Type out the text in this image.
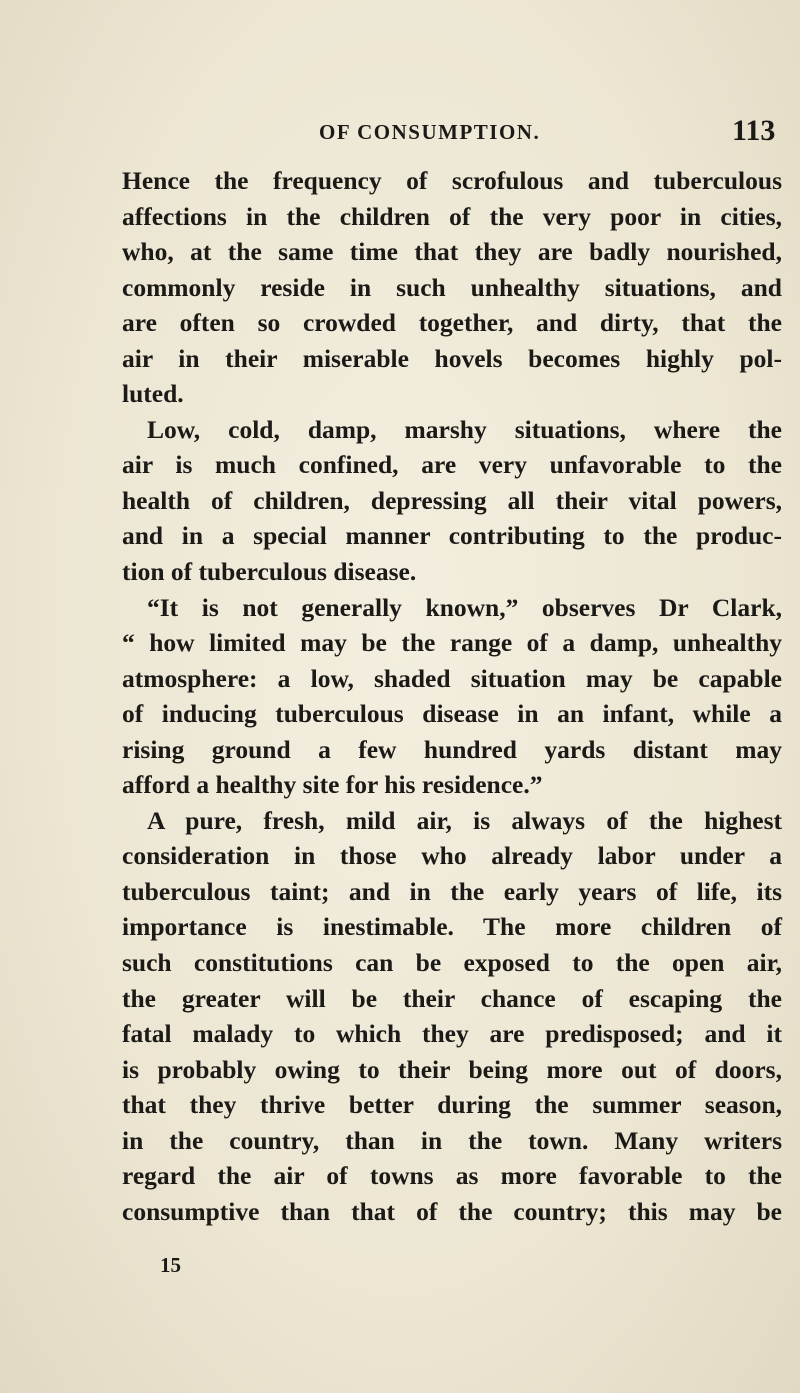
OF CONSUMPTION.	113
Hence the frequency of scrofulous and tuberculous
affections in the children of the very poor in cities,
who, at the same time that they are badly nourished,
commonly reside in such unhealthy situations, and
are often so crowded together, and dirty, that the
air in their miserable hovels becomes highly pol-
luted.
Low, cold, damp, marshy situations, where the
air is much confined, are very unfavorable to the
health of children, depressing all their vital powers,
and in a special manner contributing to the produc-
tion of tuberculous disease.
“It is not generally known,” observes Dr Clark,
“ how limited may be the range of a damp, unhealthy
atmosphere: a low, shaded situation may be capable
of inducing tuberculous disease in an infant, while a
rising ground a few hundred yards distant may
afford a healthy site for his residence.”
A pure, fresh, mild air, is always of the highest
consideration in those who already labor under a
tuberculous taint; and in the early years of life, its
importance is inestimable. The more children of
such constitutions can be exposed to the open air,
the greater will be their chance of escaping the
fatal malady to which they are predisposed; and it
is probably owing to their being more out of doors,
that they thrive better during the summer season,
in the country, than in the town. Many writers
regard the air of towns as more favorable to the
consumptive than that of the country; this may be
15
